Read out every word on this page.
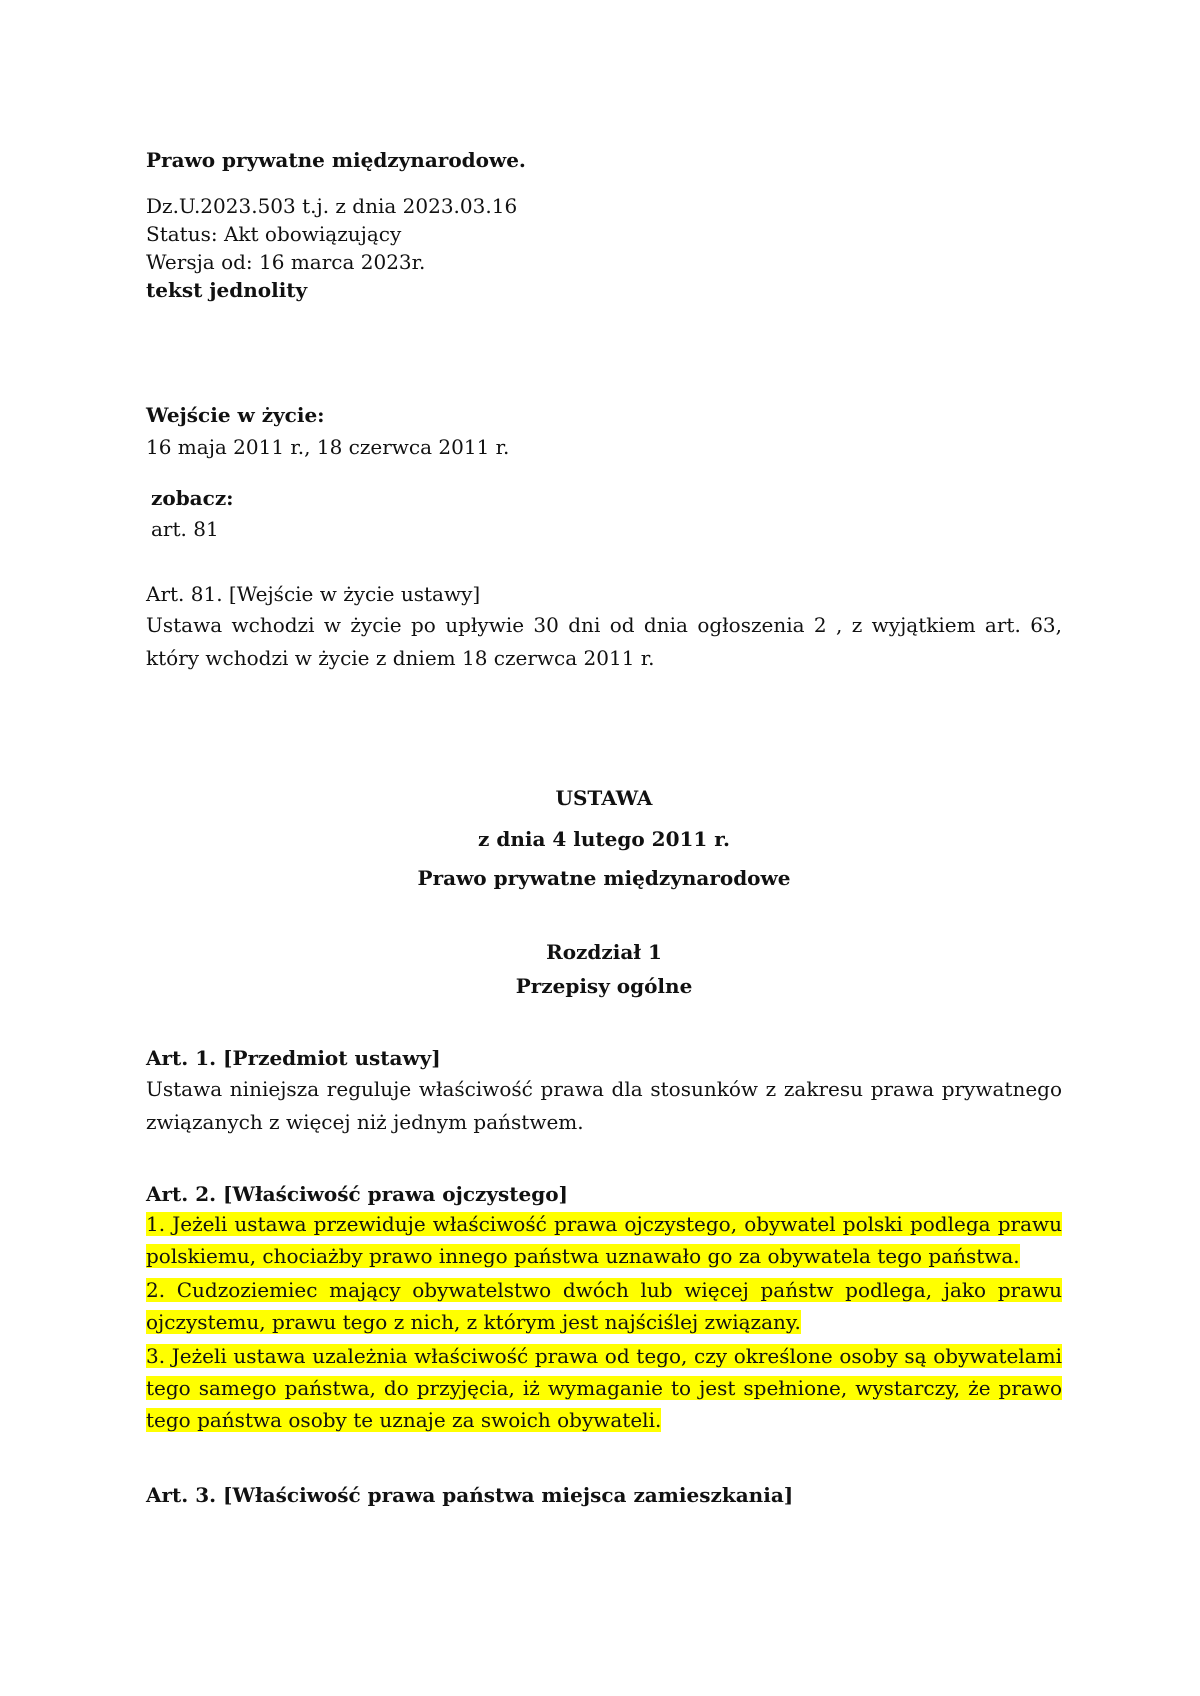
Prawo prywatne międzynarodowe.
Dz.U.2023.503 t.j. z dnia 2023.03.16
Status: Akt obowiązujący
Wersja od: 16 marca 2023r.
tekst jednolity
Wejście w życie:
16 maja 2011 r., 18 czerwca 2011 r.
zobacz:
art. 81
Art. 81. [Wejście w życie ustawy]
Ustawa wchodzi w życie po upływie 30 dni od dnia ogłoszenia 2 , z wyjątkiem art. 63, który wchodzi w życie z dniem 18 czerwca 2011 r.
USTAWA
z dnia 4 lutego 2011 r.
Prawo prywatne międzynarodowe
Rozdział 1
Przepisy ogólne
Art. 1. [Przedmiot ustawy]
Ustawa niniejsza reguluje właściwość prawa dla stosunków z zakresu prawa prywatnego związanych z więcej niż jednym państwem.
Art. 2. [Właściwość prawa ojczystego]
1. Jeżeli ustawa przewiduje właściwość prawa ojczystego, obywatel polski podlega prawu polskiemu, chociażby prawo innego państwa uznawało go za obywatela tego państwa.
2. Cudzoziemiec mający obywatelstwo dwóch lub więcej państw podlega, jako prawu ojczystemu, prawu tego z nich, z którym jest najściślej związany.
3. Jeżeli ustawa uzależnia właściwość prawa od tego, czy określone osoby są obywatelami tego samego państwa, do przyjęcia, iż wymaganie to jest spełnione, wystarczy, że prawo tego państwa osoby te uznaje za swoich obywateli.
Art. 3. [Właściwość prawa państwa miejsca zamieszkania]
